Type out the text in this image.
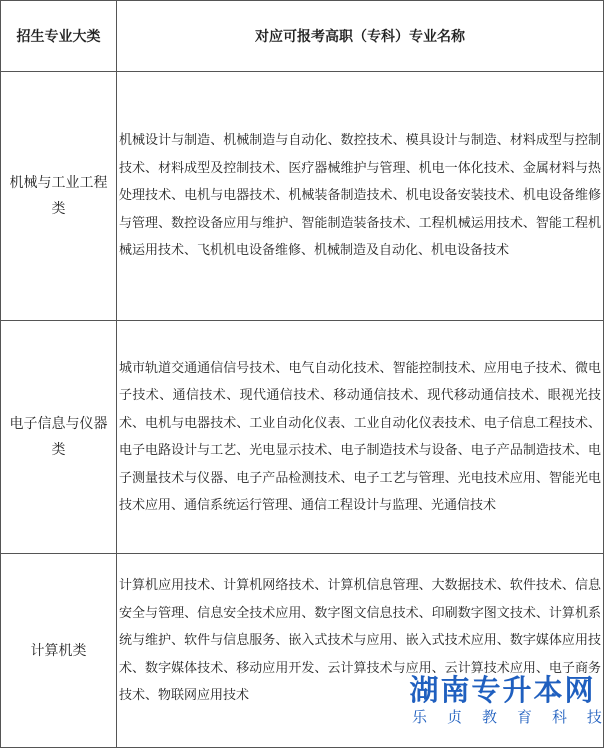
招生专业大类	对应可报考高职（专科）专业名称
机械与工业工程类	机械设计与制造、机械制造与自动化、数控技术、模具设计与制造、材料成型与控制技术、材料成型及控制技术、医疗器械维护与管理、机电一体化技术、金属材料与热处理技术、电机与电器技术、机械装备制造技术、机电设备安装技术、机电设备维修与管理、数控设备应用与维护、智能制造装备技术、工程机械运用技术、智能工程机械运用技术、飞机机电设备维修、机械制造及自动化、机电设备技术
电子信息与仪器类	城市轨道交通通信信号技术、电气自动化技术、智能控制技术、应用电子技术、微电子技术、通信技术、现代通信技术、移动通信技术、现代移动通信技术、眼视光技术、电机与电器技术、工业自动化仪表、工业自动化仪表技术、电子信息工程技术、电子电路设计与工艺、光电显示技术、电子制造技术与设备、电子产品制造技术、电子测量技术与仪器、电子产品检测技术、电子工艺与管理、光电技术应用、智能光电技术应用、通信系统运行管理、通信工程设计与监理、光通信技术
计算机类	计算机应用技术、计算机网络技术、计算机信息管理、大数据技术、软件技术、信息安全与管理、信息安全技术应用、数字图文信息技术、印刷数字图文技术、计算机系统与维护、软件与信息服务、嵌入式技术与应用、嵌入式技术应用、数字媒体应用技术、数字媒体技术、移动应用开发、云计算技术与应用、云计算技术应用、电子商务技术、物联网应用技术	湖南专升本网
乐 贞 教 育 科 技
